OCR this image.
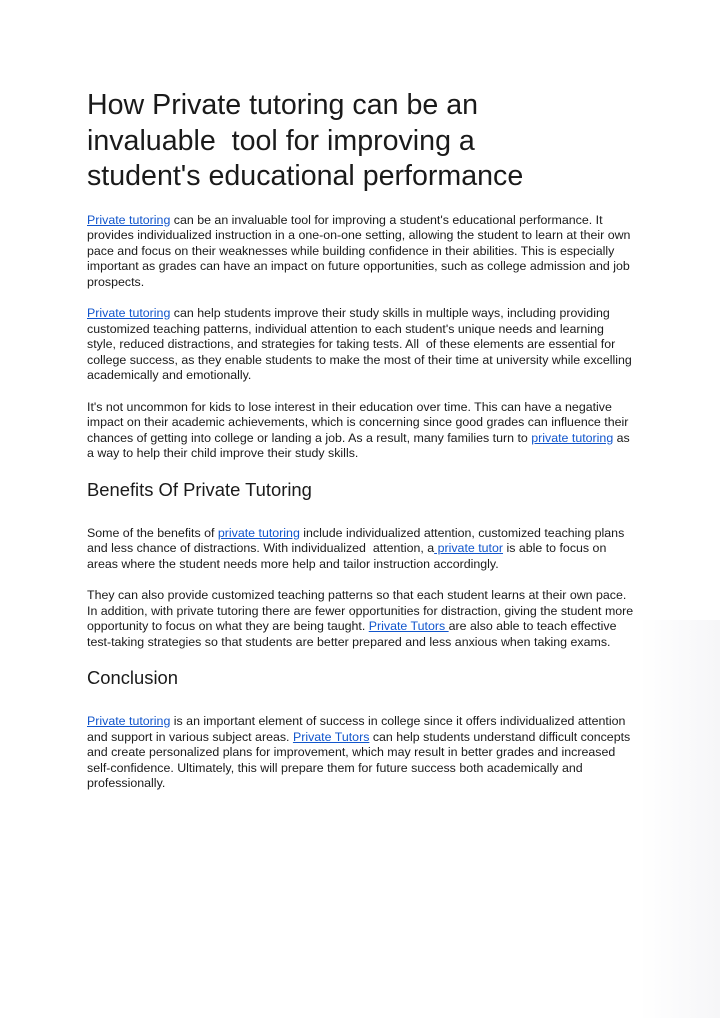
How Private tutoring can be an invaluable  tool for improving a student's educational performance

Private tutoring can be an invaluable tool for improving a student's educational performance. It provides individualized instruction in a one-on-one setting, allowing the student to learn at their own pace and focus on their weaknesses while building confidence in their abilities. This is especially important as grades can have an impact on future opportunities, such as college admission and job prospects.

Private tutoring can help students improve their study skills in multiple ways, including providing customized teaching patterns, individual attention to each student's unique needs and learning style, reduced distractions, and strategies for taking tests. All  of these elements are essential for college success, as they enable students to make the most of their time at university while excelling academically and emotionally.

It's not uncommon for kids to lose interest in their education over time. This can have a negative impact on their academic achievements, which is concerning since good grades can influence their chances of getting into college or landing a job. As a result, many families turn to private tutoring as a way to help their child improve their study skills.

Benefits Of Private Tutoring

Some of the benefits of private tutoring include individualized attention, customized teaching plans and less chance of distractions. With individualized  attention, a private tutor is able to focus on areas where the student needs more help and tailor instruction accordingly.

They can also provide customized teaching patterns so that each student learns at their own pace. In addition, with private tutoring there are fewer opportunities for distraction, giving the student more opportunity to focus on what they are being taught. Private Tutors are also able to teach effective test-taking strategies so that students are better prepared and less anxious when taking exams.

Conclusion

Private tutoring is an important element of success in college since it offers individualized attention and support in various subject areas. Private Tutors can help students understand difficult concepts and create personalized plans for improvement, which may result in better grades and increased self-confidence. Ultimately, this will prepare them for future success both academically and professionally.
